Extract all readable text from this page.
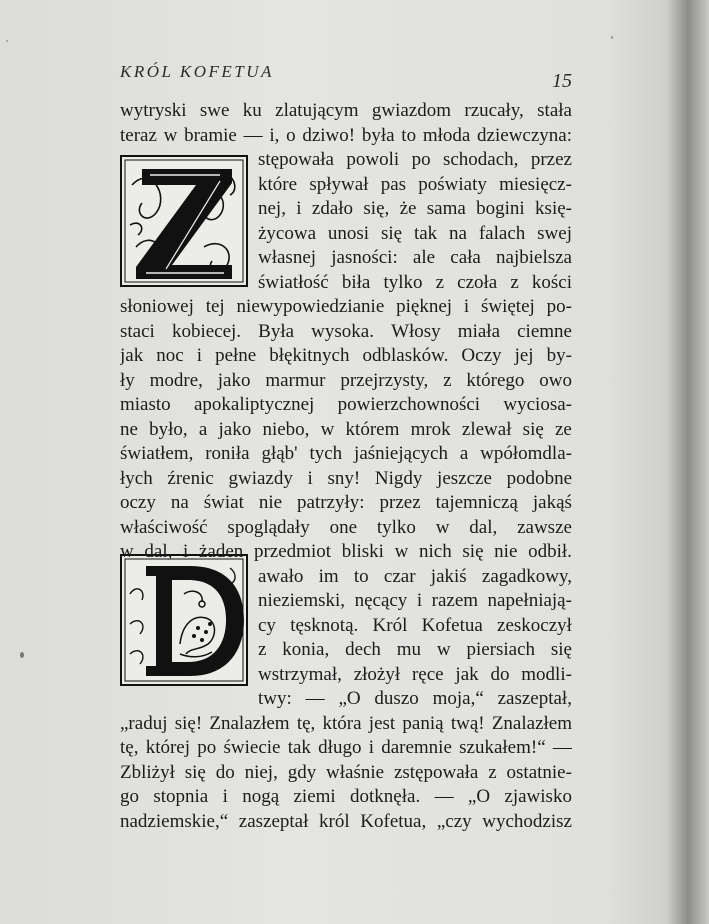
KRÓL KOFETUA	15
wytryski swe ku zlatującym gwiazdom rzucały, stała
teraz w bramie — i, o dziwo! była to młoda dziewczyna:
stępowała powoli po schodach, przez
które spływał pas poświaty miesięcz-
nej, i zdało się, że sama bogini księ-
życowa unosi się tak na falach swej
własnej jasności: ale cała najbielsza
światłość biła tylko z czoła z kości
słoniowej tej niewypowiedzianie pięknej i świętej po-
staci kobiecej. Była wysoka. Włosy miała ciemne
jak noc i pełne błękitnych odblasków. Oczy jej by-
ły modre, jako marmur przejrzysty, z którego owo
miasto apokaliptycznej powierzchowności wyciosa-
ne było, a jako niebo, w którem mrok zlewał się ze
światłem, roniła głąb' tych jaśniejących a wpółomdla-
łych źrenic gwiazdy i sny! Nigdy jeszcze podobne
oczy na świat nie patrzyły: przez tajemniczą jakąś
właściwość spoglądały one tylko w dal, zawsze
w dal, i żaden przedmiot bliski w nich się nie odbił.
awało im to czar jakiś zagadkowy,
nieziemski, nęcący i razem napełniają-
cy tęsknotą. Król Kofetua zeskoczył
z konia, dech mu w piersiach się
wstrzymał, złożył ręce jak do modli-
twy: — „O duszo moja,“ zaszeptał,
„raduj się! Znalazłem tę, która jest panią twą! Znalazłem
tę, której po świecie tak długo i daremnie szukałem!“ —
Zbliżył się do niej, gdy właśnie zstępowała z ostatnie-
go stopnia i nogą ziemi dotknęła. — „O zjawisko
nadziemskie,“ zaszeptał król Kofetua, „czy wychodzisz
